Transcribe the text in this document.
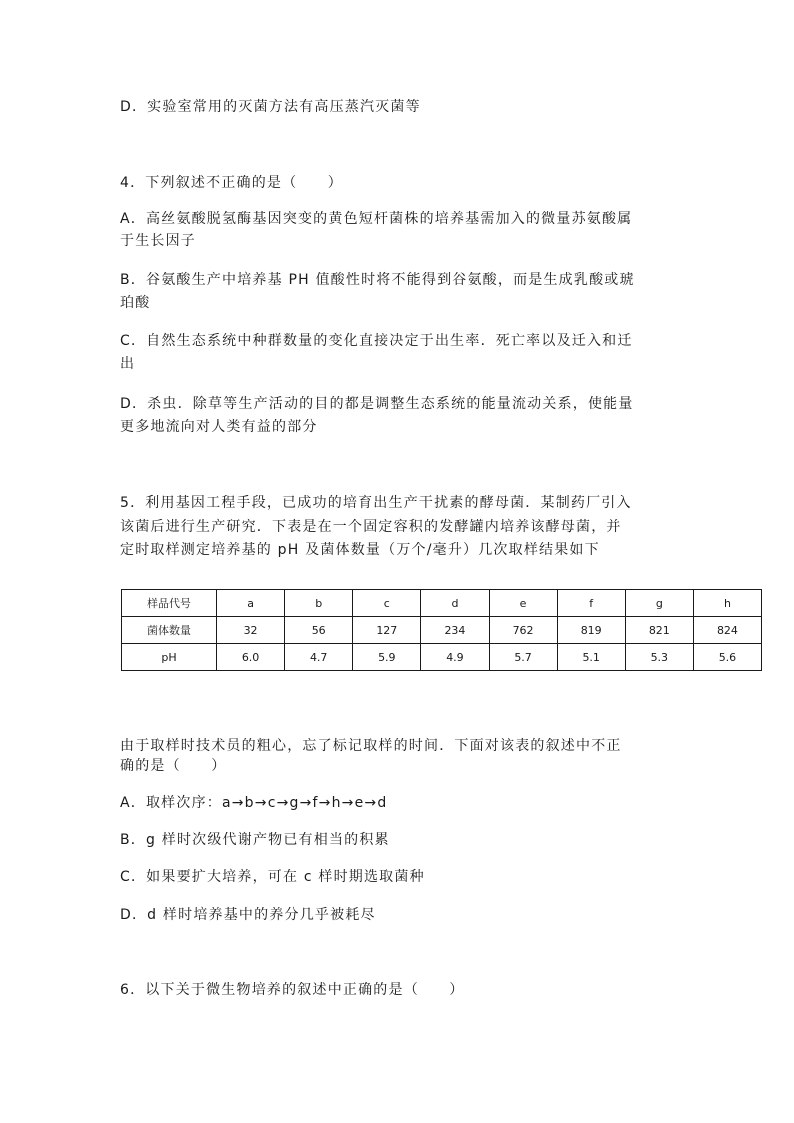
D．实验室常用的灭菌方法有高压蒸汽灭菌等
4．下列叙述不正确的是（　　）
A．高丝氨酸脱氢酶基因突变的黄色短杆菌株的培养基需加入的微量苏氨酸属
于生长因子
B．谷氨酸生产中培养基 PH 值酸性时将不能得到谷氨酸，而是生成乳酸或琥
珀酸
C．自然生态系统中种群数量的变化直接决定于出生率．死亡率以及迁入和迁
出
D．杀虫．除草等生产活动的目的都是调整生态系统的能量流动关系，使能量
更多地流向对人类有益的部分
5．利用基因工程手段，已成功的培育出生产干扰素的酵母菌．某制药厂引入
该菌后进行生产研究．下表是在一个固定容积的发酵罐内培养该酵母菌，并
定时取样测定培养基的 pH 及菌体数量（万个/毫升）几次取样结果如下
样品代号	a	b	c	d	e	f	g	h
菌体数量	32	56	127	234	762	819	821	824
pH	6.0	4.7	5.9	4.9	5.7	5.1	5.3	5.6
由于取样时技术员的粗心，忘了标记取样的时间．下面对该表的叙述中不正
确的是（　　）
A．取样次序：a→b→c→g→f→h→e→d
B．g 样时次级代谢产物已有相当的积累
C．如果要扩大培养，可在 c 样时期选取菌种
D．d 样时培养基中的养分几乎被耗尽
6．以下关于微生物培养的叙述中正确的是（　　）
